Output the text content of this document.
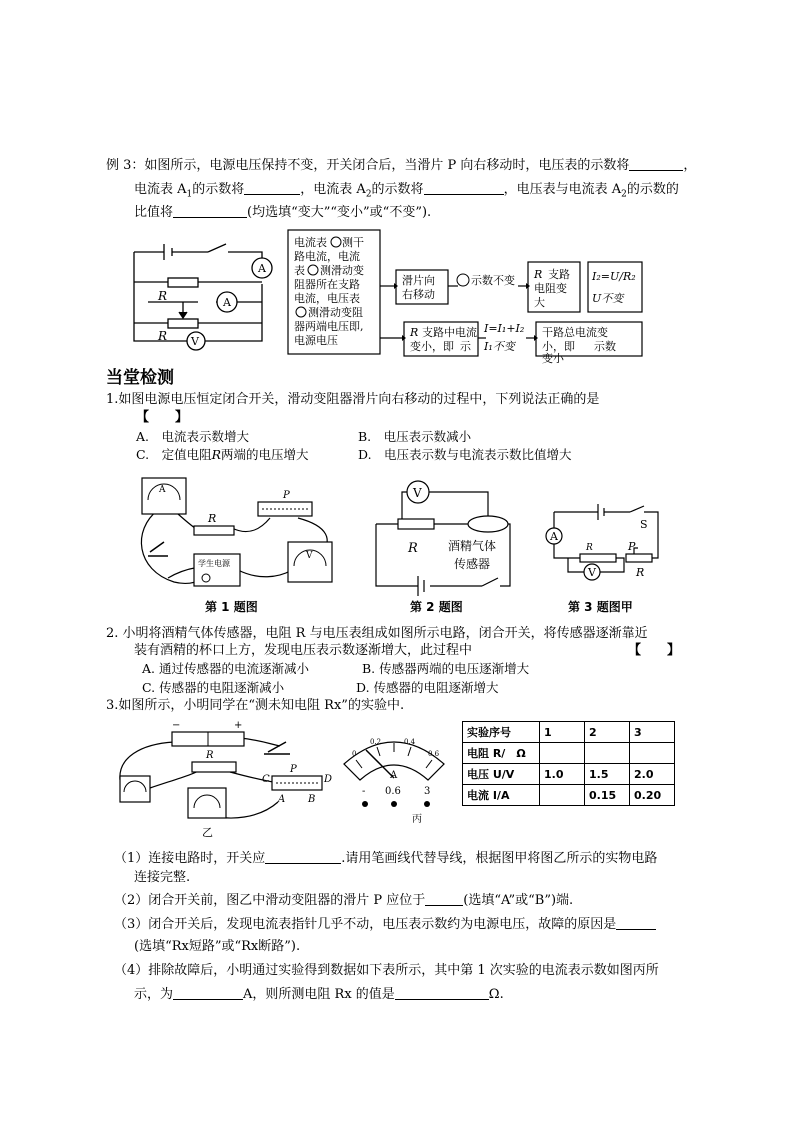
例 3：如图所示，电源电压保持不变，开关闭合后，当滑片 P 向右移动时，电压表的示数将	，
电流表 $A_1$的示数将	，电流表 $A_2$的示数将	，电压表与电流表 $A_2$的示数的
比值将	(均选填“变大”“变小”或“不变”).
A
A
V
R
R
电流表 测干
路电流，电流
表 测滑动变
阻器所在支路
电流，电压表
测滑动变阻
器两端电压即,
电源电压
滑片向
右移动
示数不变 R 支路
电阻变
大
I₂=U/R₂
U不变
R 支路中电流
变小，即 示
I=I₁+I₂
I₁不变
干路总电流变
小，即 示数
变小
当堂检测
1.如图电源电压恒定闭合开关，滑动变阻器滑片向右移动的过程中，下列说法正确的是
【　　】
A.　电流表示数增大	B.　电压表示数减小
C.　定值电阻R两端的电压增大	D.　电压表示数与电流表示数比值增大
A	P
R
学生电源
V
第 1 题图
V
R	酒精气体
传感器
第 2 题图
A
V
S
P
R
R
第 3 题图甲
2. 小明将酒精气体传感器，电阻 R 与电压表组成如图所示电路，闭合开关，将传感器逐渐靠近
装有酒精的杯口上方，发现电压表示数逐渐增大，此过程中	【　　】
A. 通过传感器的电流逐渐减小	B. 传感器两端的电压逐渐增大
C. 传感器的电阻逐渐减小	D. 传感器的电阻逐渐增大
3.如图所示，小明同学在“测未知电阻 Rx”的实验中.
−	+
R
P
C	D
A B
乙
0
0.2	0.4
0.6
A
- 0.6 3
丙
实验序号	1	2	3
电阻 R/　Ω			
电压 U/V	1.0	1.5	2.0
电流 I/A		0.15	0.20
（1）连接电路时，开关应	.请用笔画线代替导线，根据图甲将图乙所示的实物电路
连接完整.
（2）闭合开关前，图乙中滑动变阻器的滑片 P 应位于	(选填“A”或“B”)端.
（3）闭合开关后，发现电流表指针几乎不动，电压表示数约为电源电压，故障的原因是
(选填“Rx短路”或“Rx断路”).
（4）排除故障后，小明通过实验得到数据如下表所示，其中第 1 次实验的电流表示数如图丙所
示，为	A，则所测电阻 Rx 的值是	Ω.
